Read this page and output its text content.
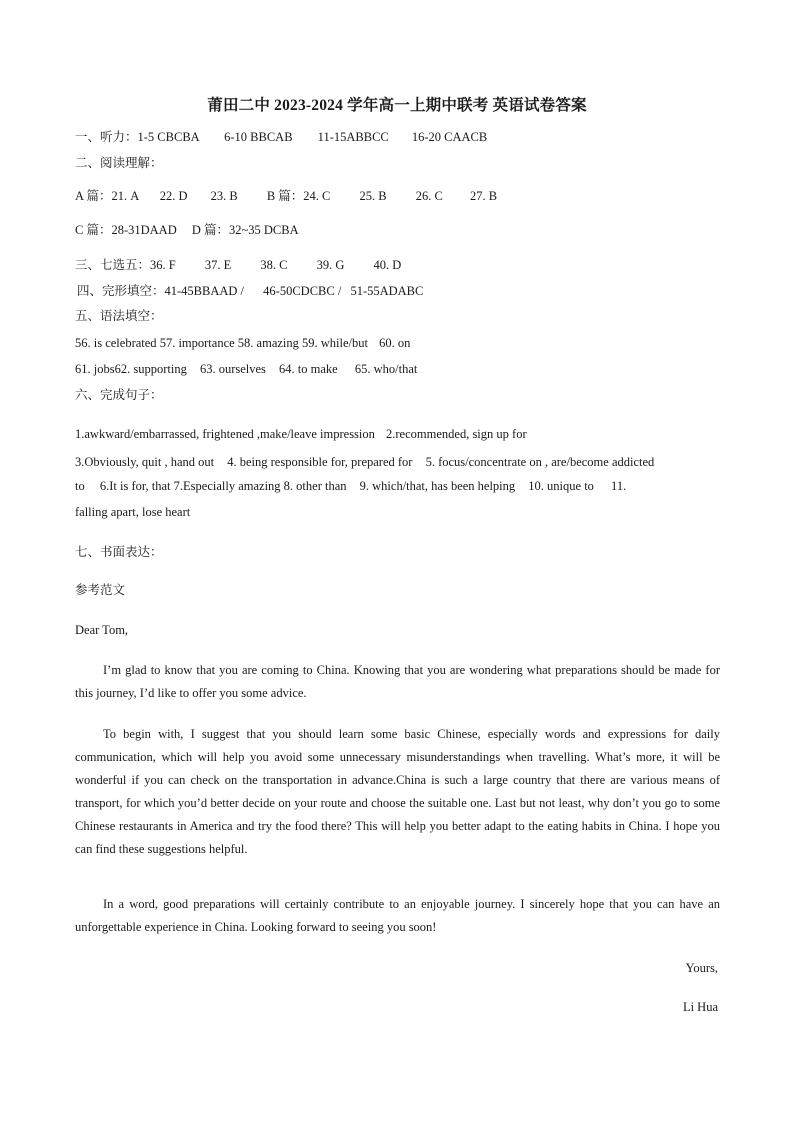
莆田二中 2023-2024 学年高一上期中联考 英语试卷答案
一、听力：1-5 CBCBA 6-10 BBCAB 11-15ABBCC 16-20 CAACB
二、阅读理解：
A 篇：21. A 22. D 23. B B 篇：24. C 25. B 26. C 27. B
C 篇：28-31DAAD D 篇：32~35 DCBA
三、七选五：36. F 37. E 38. C 39. G 40. D
四、完形填空：41-45BBAAD / 46-50CDCBC / 51-55ADABC
五、语法填空：
56. is celebrated 57. importance 58. amazing 59. while/but 60. on
61. jobs62. supporting 63. ourselves 64. to make 65. who/that
六、完成句子：
1.awkward/embarrassed, frightened ,make/leave impression 2.recommended, sign up for
3.Obviously, quit , hand out 4. being responsible for, prepared for 5. focus/concentrate on , are/become addicted
to 6.It is for, that 7.Especially amazing 8. other than 9. which/that, has been helping 10. unique to 11.
falling apart, lose heart
七、书面表达：
参考范文
Dear Tom,
I’m glad to know that you are coming to China. Knowing that you are wondering what preparations should be made for this journey, I’d like to offer you some advice.
To begin with, I suggest that you should learn some basic Chinese, especially words and expressions for daily communication, which will help you avoid some unnecessary misunderstandings when travelling. What’s more, it will be wonderful if you can check on the transportation in advance.China is such a large country that there are various means of transport, for which you’d better decide on your route and choose the suitable one. Last but not least, why don’t you go to some Chinese restaurants in America and try the food there? This will help you better adapt to the eating habits in China. I hope you can find these suggestions helpful.
In a word, good preparations will certainly contribute to an enjoyable journey. I sincerely hope that you can have an unforgettable experience in China. Looking forward to seeing you soon!
Yours,
Li Hua
